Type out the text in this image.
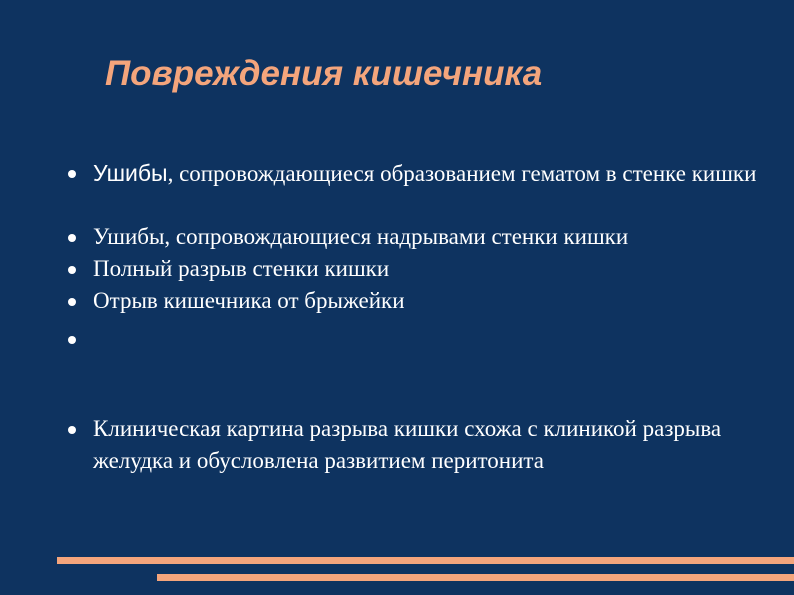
Повреждения кишечника
Ушибы, сопровождающиеся образованием гематом в стенке кишки
Ушибы, сопровождающиеся надрывами стенки кишки
Полный разрыв стенки кишки
Отрыв кишечника от брыжейки
Клиническая картина разрыва кишки схожа с клиникой разрыва желудка и обусловлена развитием перитонита
